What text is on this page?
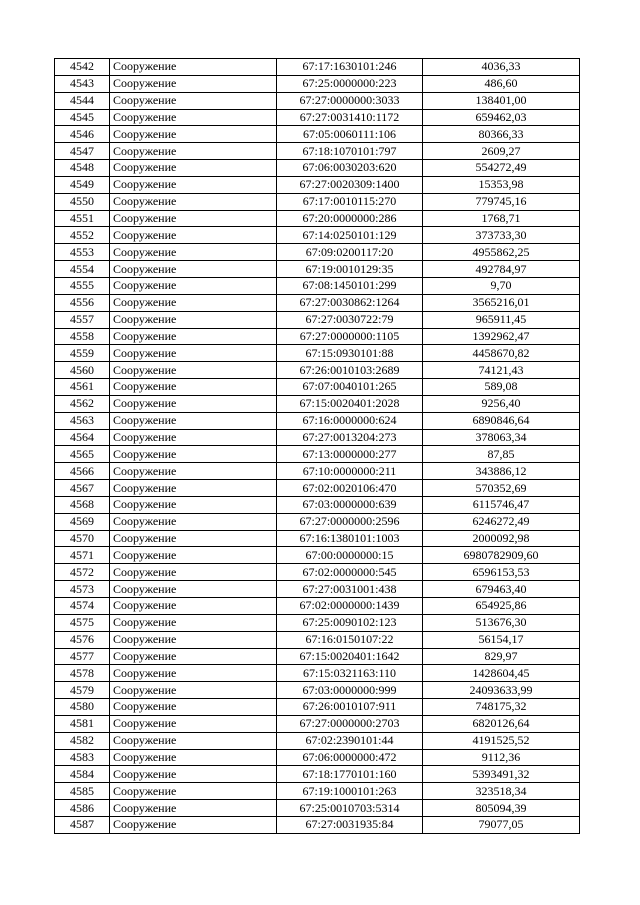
4542	Сооружение	67:17:1630101:246	4036,33
4543	Сооружение	67:25:0000000:223	486,60
4544	Сооружение	67:27:0000000:3033	138401,00
4545	Сооружение	67:27:0031410:1172	659462,03
4546	Сооружение	67:05:0060111:106	80366,33
4547	Сооружение	67:18:1070101:797	2609,27
4548	Сооружение	67:06:0030203:620	554272,49
4549	Сооружение	67:27:0020309:1400	15353,98
4550	Сооружение	67:17:0010115:270	779745,16
4551	Сооружение	67:20:0000000:286	1768,71
4552	Сооружение	67:14:0250101:129	373733,30
4553	Сооружение	67:09:0200117:20	4955862,25
4554	Сооружение	67:19:0010129:35	492784,97
4555	Сооружение	67:08:1450101:299	9,70
4556	Сооружение	67:27:0030862:1264	3565216,01
4557	Сооружение	67:27:0030722:79	965911,45
4558	Сооружение	67:27:0000000:1105	1392962,47
4559	Сооружение	67:15:0930101:88	4458670,82
4560	Сооружение	67:26:0010103:2689	74121,43
4561	Сооружение	67:07:0040101:265	589,08
4562	Сооружение	67:15:0020401:2028	9256,40
4563	Сооружение	67:16:0000000:624	6890846,64
4564	Сооружение	67:27:0013204:273	378063,34
4565	Сооружение	67:13:0000000:277	87,85
4566	Сооружение	67:10:0000000:211	343886,12
4567	Сооружение	67:02:0020106:470	570352,69
4568	Сооружение	67:03:0000000:639	6115746,47
4569	Сооружение	67:27:0000000:2596	6246272,49
4570	Сооружение	67:16:1380101:1003	2000092,98
4571	Сооружение	67:00:0000000:15	6980782909,60
4572	Сооружение	67:02:0000000:545	6596153,53
4573	Сооружение	67:27:0031001:438	679463,40
4574	Сооружение	67:02:0000000:1439	654925,86
4575	Сооружение	67:25:0090102:123	513676,30
4576	Сооружение	67:16:0150107:22	56154,17
4577	Сооружение	67:15:0020401:1642	829,97
4578	Сооружение	67:15:0321163:110	1428604,45
4579	Сооружение	67:03:0000000:999	24093633,99
4580	Сооружение	67:26:0010107:911	748175,32
4581	Сооружение	67:27:0000000:2703	6820126,64
4582	Сооружение	67:02:2390101:44	4191525,52
4583	Сооружение	67:06:0000000:472	9112,36
4584	Сооружение	67:18:1770101:160	5393491,32
4585	Сооружение	67:19:1000101:263	323518,34
4586	Сооружение	67:25:0010703:5314	805094,39
4587	Сооружение	67:27:0031935:84	79077,05
